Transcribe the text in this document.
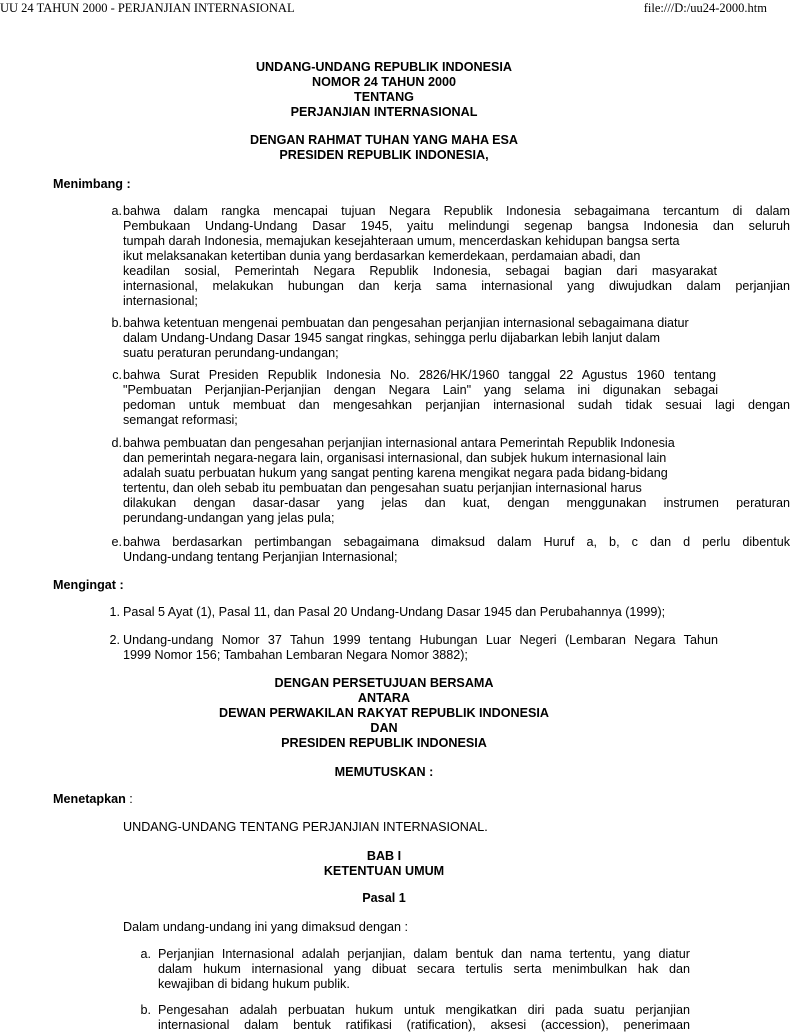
UU 24 TAHUN 2000 - PERJANJIAN INTERNASIONAL	file:///D:/uu24-2000.htm
UNDANG-UNDANG REPUBLIK INDONESIA
NOMOR 24 TAHUN 2000
TENTANG
PERJANJIAN INTERNASIONAL
DENGAN RAHMAT TUHAN YANG MAHA ESA
PRESIDEN REPUBLIK INDONESIA,
Menimbang :
a. bahwa dalam rangka mencapai tujuan Negara Republik Indonesia sebagaimana tercantum di dalam
Pembukaan Undang-Undang Dasar 1945, yaitu melindungi segenap bangsa Indonesia dan seluruh
tumpah darah Indonesia, memajukan kesejahteraan umum, mencerdaskan kehidupan bangsa serta
ikut melaksanakan ketertiban dunia yang berdasarkan kemerdekaan, perdamaian abadi, dan
keadilan sosial, Pemerintah Negara Republik Indonesia, sebagai bagian dari masyarakat
internasional, melakukan hubungan dan kerja sama internasional yang diwujudkan dalam perjanjian
internasional;
b. bahwa ketentuan mengenai pembuatan dan pengesahan perjanjian internasional sebagaimana diatur
dalam Undang-Undang Dasar 1945 sangat ringkas, sehingga perlu dijabarkan lebih lanjut dalam
suatu peraturan perundang-undangan;
c. bahwa Surat Presiden Republik Indonesia No. 2826/HK/1960 tanggal 22 Agustus 1960 tentang
"Pembuatan Perjanjian-Perjanjian dengan Negara Lain" yang selama ini digunakan sebagai
pedoman untuk membuat dan mengesahkan perjanjian internasional sudah tidak sesuai lagi dengan
semangat reformasi;
d. bahwa pembuatan dan pengesahan perjanjian internasional antara Pemerintah Republik Indonesia
dan pemerintah negara-negara lain, organisasi internasional, dan subjek hukum internasional lain
adalah suatu perbuatan hukum yang sangat penting karena mengikat negara pada bidang-bidang
tertentu, dan oleh sebab itu pembuatan dan pengesahan suatu perjanjian internasional harus
dilakukan dengan dasar-dasar yang jelas dan kuat, dengan menggunakan instrumen peraturan
perundang-undangan yang jelas pula;
e. bahwa berdasarkan pertimbangan sebagaimana dimaksud dalam Huruf a, b, c dan d perlu dibentuk
Undang-undang tentang Perjanjian Internasional;
Mengingat :
1. Pasal 5 Ayat (1), Pasal 11, dan Pasal 20 Undang-Undang Dasar 1945 dan Perubahannya (1999);
2. Undang-undang Nomor 37 Tahun 1999 tentang Hubungan Luar Negeri (Lembaran Negara Tahun
1999 Nomor 156; Tambahan Lembaran Negara Nomor 3882);
DENGAN PERSETUJUAN BERSAMA
ANTARA
DEWAN PERWAKILAN RAKYAT REPUBLIK INDONESIA
DAN
PRESIDEN REPUBLIK INDONESIA
MEMUTUSKAN :
Menetapkan :
UNDANG-UNDANG TENTANG PERJANJIAN INTERNASIONAL.
BAB I
KETENTUAN UMUM
Pasal 1
Dalam undang-undang ini yang dimaksud dengan :
a. Perjanjian Internasional adalah perjanjian, dalam bentuk dan nama tertentu, yang diatur
dalam hukum internasional yang dibuat secara tertulis serta menimbulkan hak dan
kewajiban di bidang hukum publik.
b. Pengesahan adalah perbuatan hukum untuk mengikatkan diri pada suatu perjanjian
internasional dalam bentuk ratifikasi (ratification), aksesi (accession), penerimaan
